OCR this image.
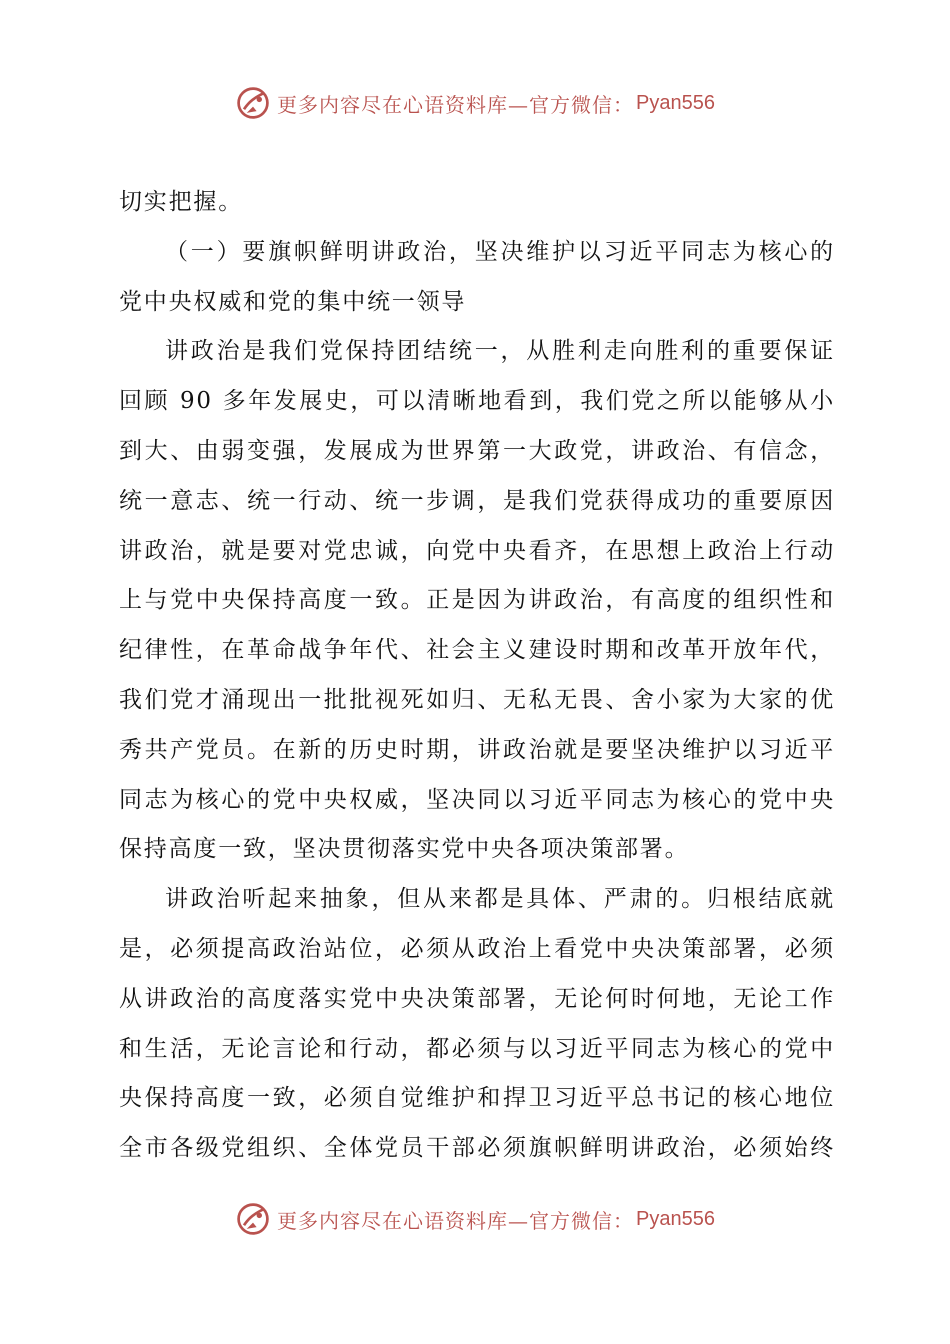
更多内容尽在心语资料库—官方微信： Pyan556

切实把握。

（一）要旗帜鲜明讲政治，坚决维护以习近平同志为核心的

党中央权威和党的集中统一领导

讲政治是我们党保持团结统一，从胜利走向胜利的重要保证

回顾 90 多年发展史，可以清晰地看到，我们党之所以能够从小

到大、由弱变强，发展成为世界第一大政党，讲政治、有信念，

统一意志、统一行动、统一步调，是我们党获得成功的重要原因

讲政治，就是要对党忠诚，向党中央看齐，在思想上政治上行动

上与党中央保持高度一致。正是因为讲政治，有高度的组织性和

纪律性，在革命战争年代、社会主义建设时期和改革开放年代，

我们党才涌现出一批批视死如归、无私无畏、舍小家为大家的优

秀共产党员。在新的历史时期，讲政治就是要坚决维护以习近平

同志为核心的党中央权威，坚决同以习近平同志为核心的党中央

保持高度一致，坚决贯彻落实党中央各项决策部署。

讲政治听起来抽象，但从来都是具体、严肃的。归根结底就

是，必须提高政治站位，必须从政治上看党中央决策部署，必须

从讲政治的高度落实党中央决策部署，无论何时何地，无论工作

和生活，无论言论和行动，都必须与以习近平同志为核心的党中

央保持高度一致，必须自觉维护和捍卫习近平总书记的核心地位

全市各级党组织、全体党员干部必须旗帜鲜明讲政治，必须始终

更多内容尽在心语资料库—官方微信： Pyan556
